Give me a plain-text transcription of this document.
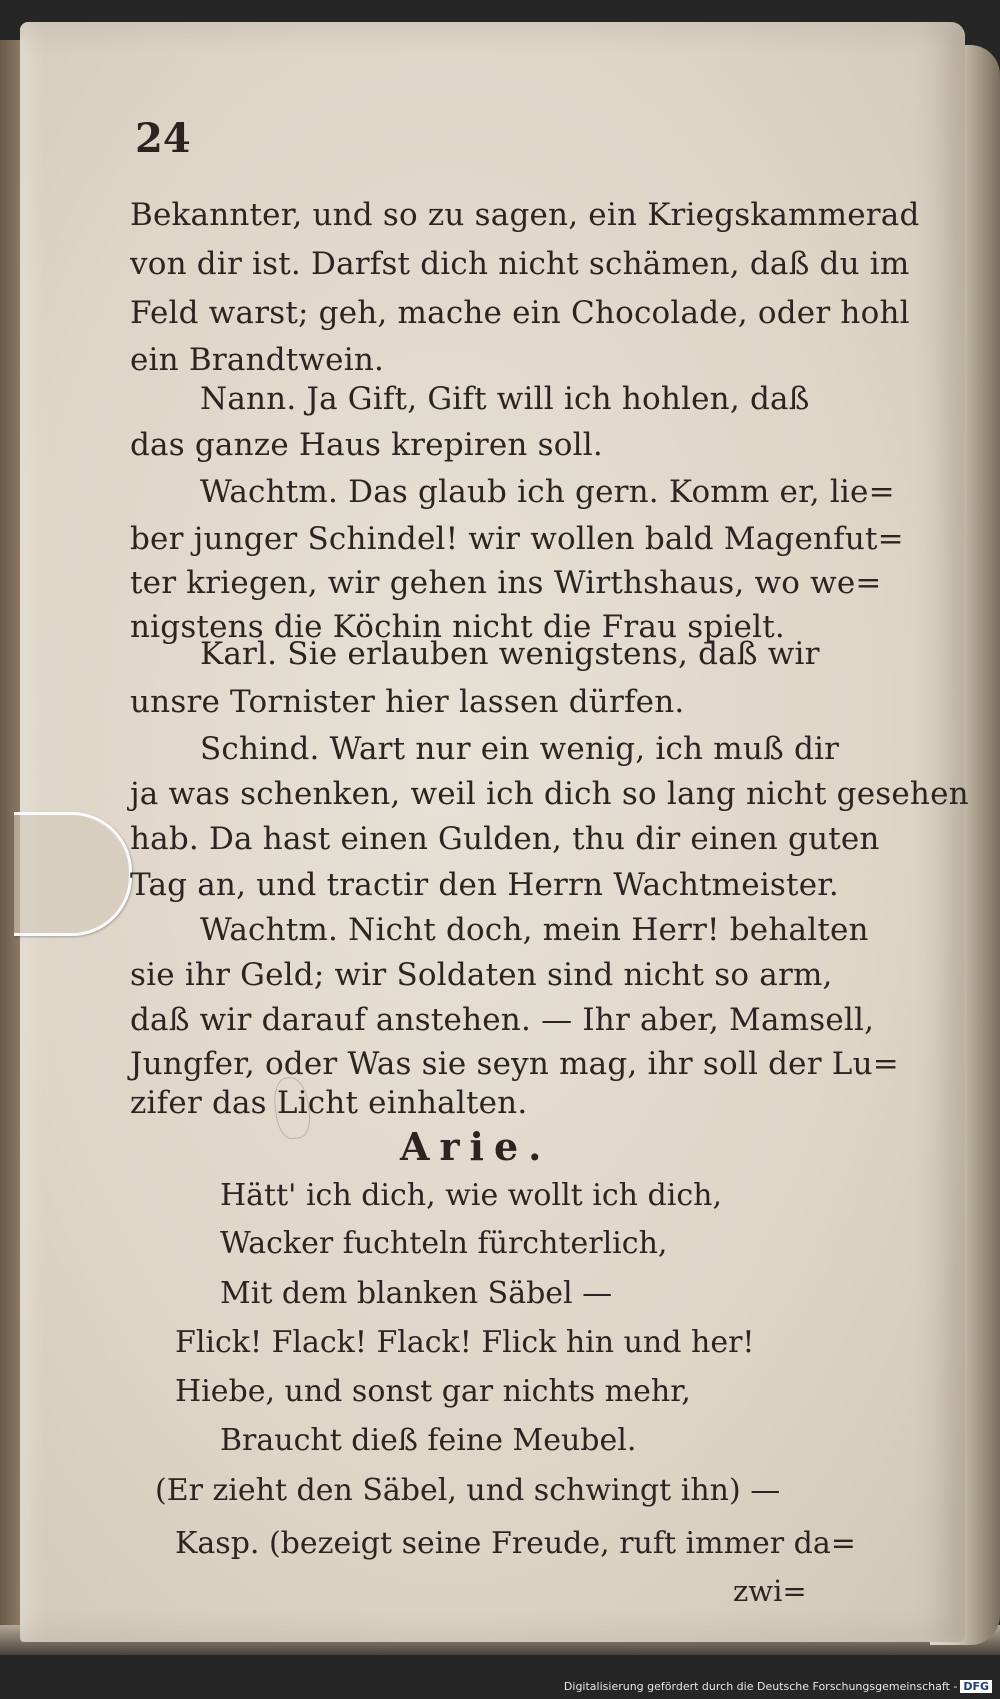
24
Bekannter, und so zu sagen, ein Kriegskammerad
von dir ist. Darfst dich nicht schämen, daß du im
Feld warst; geh, mache ein Chocolade, oder hohl
ein Brandtwein.
Nann. Ja Gift, Gift will ich hohlen, daß
das ganze Haus krepiren soll.
Wachtm. Das glaub ich gern. Komm er, lie=
ber junger Schindel! wir wollen bald Magenfut=
ter kriegen, wir gehen ins Wirthshaus, wo we=
nigstens die Köchin nicht die Frau spielt.
Karl. Sie erlauben wenigstens, daß wir
unsre Tornister hier lassen dürfen.
Schind. Wart nur ein wenig, ich muß dir
ja was schenken, weil ich dich so lang nicht gesehen
hab. Da hast einen Gulden, thu dir einen guten
Tag an, und tractir den Herrn Wachtmeister.
Wachtm. Nicht doch, mein Herr! behalten
sie ihr Geld; wir Soldaten sind nicht so arm,
daß wir darauf anstehen. — Ihr aber, Mamsell,
Jungfer, oder Was sie seyn mag, ihr soll der Lu=
zifer das Licht einhalten.
Arie.
Hätt' ich dich, wie wollt ich dich,
Wacker fuchteln fürchterlich,
Mit dem blanken Säbel —
Flick! Flack! Flack! Flick hin und her!
Hiebe, und sonst gar nichts mehr,
Braucht dieß feine Meubel.
(Er zieht den Säbel, und schwingt ihn) —
Kasp. (bezeigt seine Freude, ruft immer da=
zwi=
Digitalisierung gefördert durch die Deutsche Forschungsgemeinschaft - DFG
